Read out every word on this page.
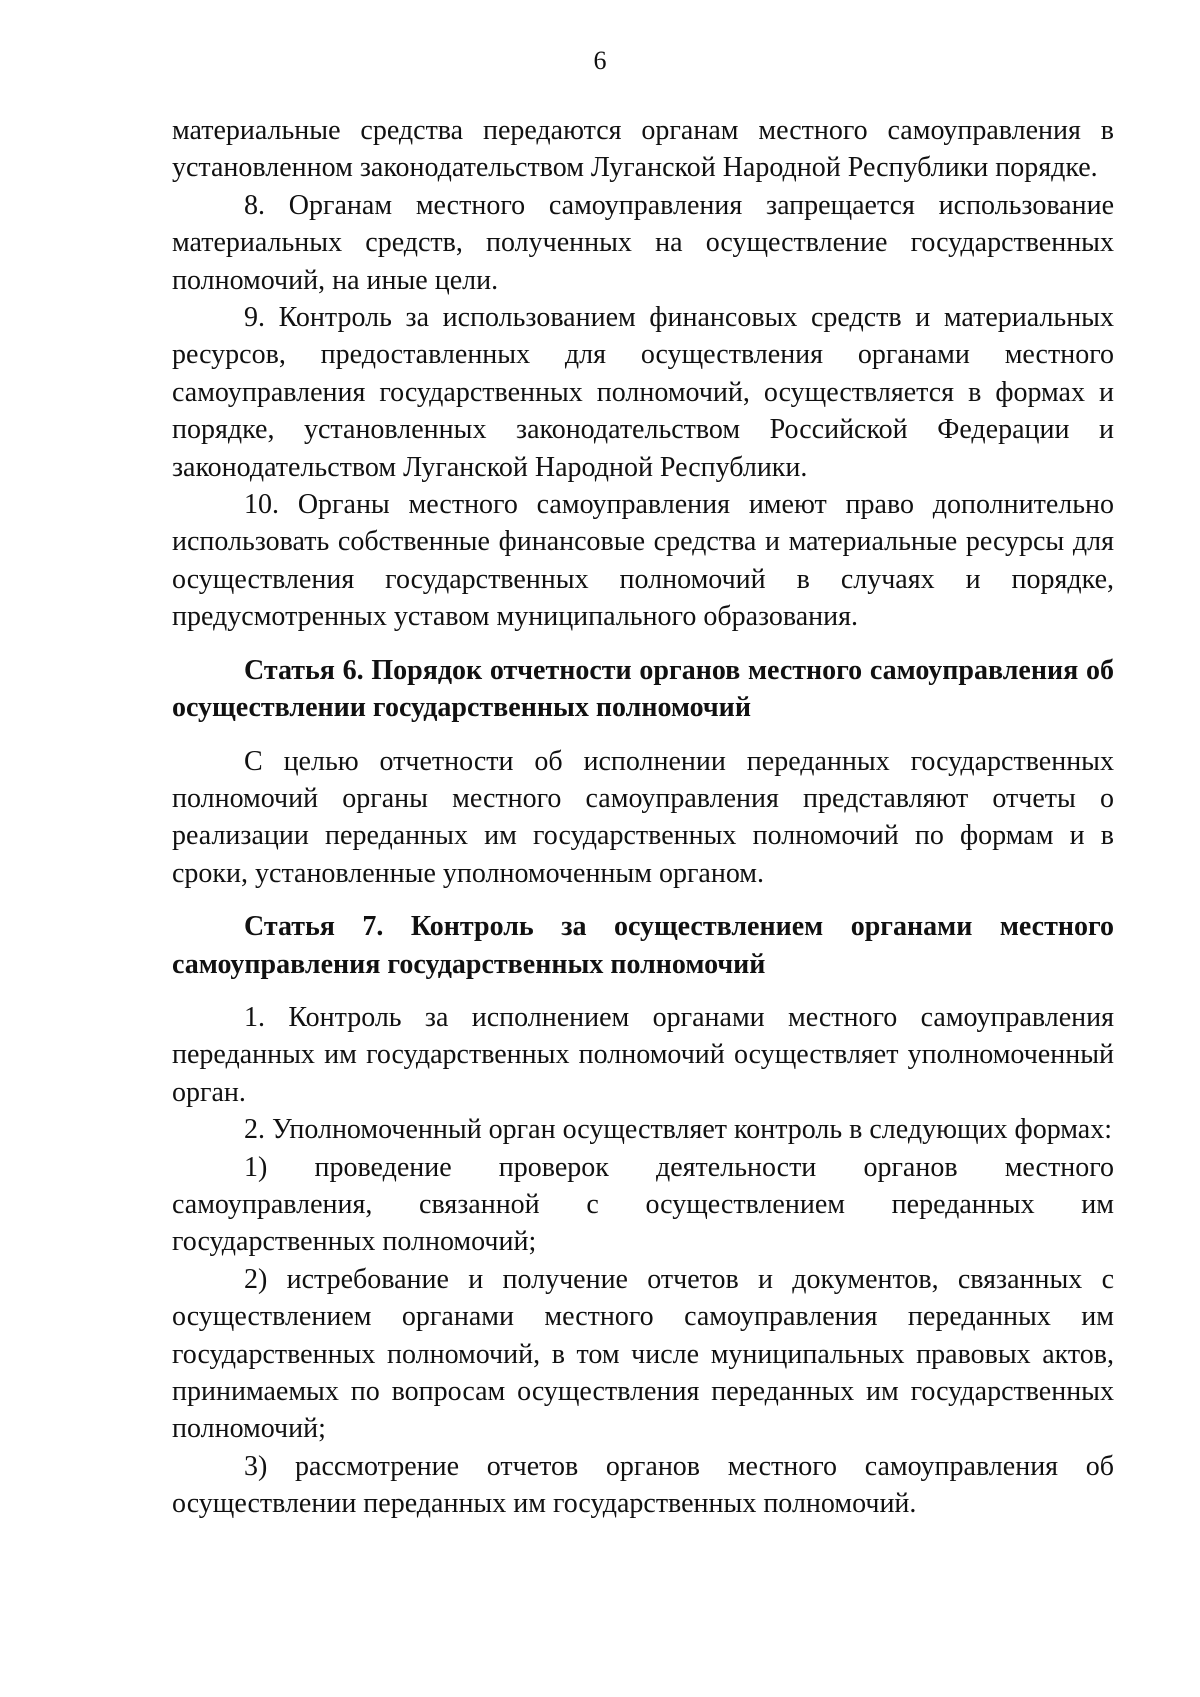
6

материальные средства передаются органам местного самоуправления в установленном законодательством Луганской Народной Республики порядке.

8. Органам местного самоуправления запрещается использование материальных средств, полученных на осуществление государственных полномочий, на иные цели.

9. Контроль за использованием финансовых средств и материальных ресурсов, предоставленных для осуществления органами местного самоуправления государственных полномочий, осуществляется в формах и порядке, установленных законодательством Российской Федерации и законодательством Луганской Народной Республики.

10. Органы местного самоуправления имеют право дополнительно использовать собственные финансовые средства и материальные ресурсы для осуществления государственных полномочий в случаях и порядке, предусмотренных уставом муниципального образования.

Статья 6. Порядок отчетности органов местного самоуправления об осуществлении государственных полномочий

С целью отчетности об исполнении переданных государственных полномочий органы местного самоуправления представляют отчеты о реализации переданных им государственных полномочий по формам и в сроки, установленные уполномоченным органом.

Статья 7. Контроль за осуществлением органами местного самоуправления государственных полномочий

1. Контроль за исполнением органами местного самоуправления переданных им государственных полномочий осуществляет уполномоченный орган.

2. Уполномоченный орган осуществляет контроль в следующих формах:

1) проведение проверок деятельности органов местного самоуправления, связанной с осуществлением переданных им государственных полномочий;

2) истребование и получение отчетов и документов, связанных с осуществлением органами местного самоуправления переданных им государственных полномочий, в том числе муниципальных правовых актов, принимаемых по вопросам осуществления переданных им государственных полномочий;

3) рассмотрение отчетов органов местного самоуправления об осуществлении переданных им государственных полномочий.
